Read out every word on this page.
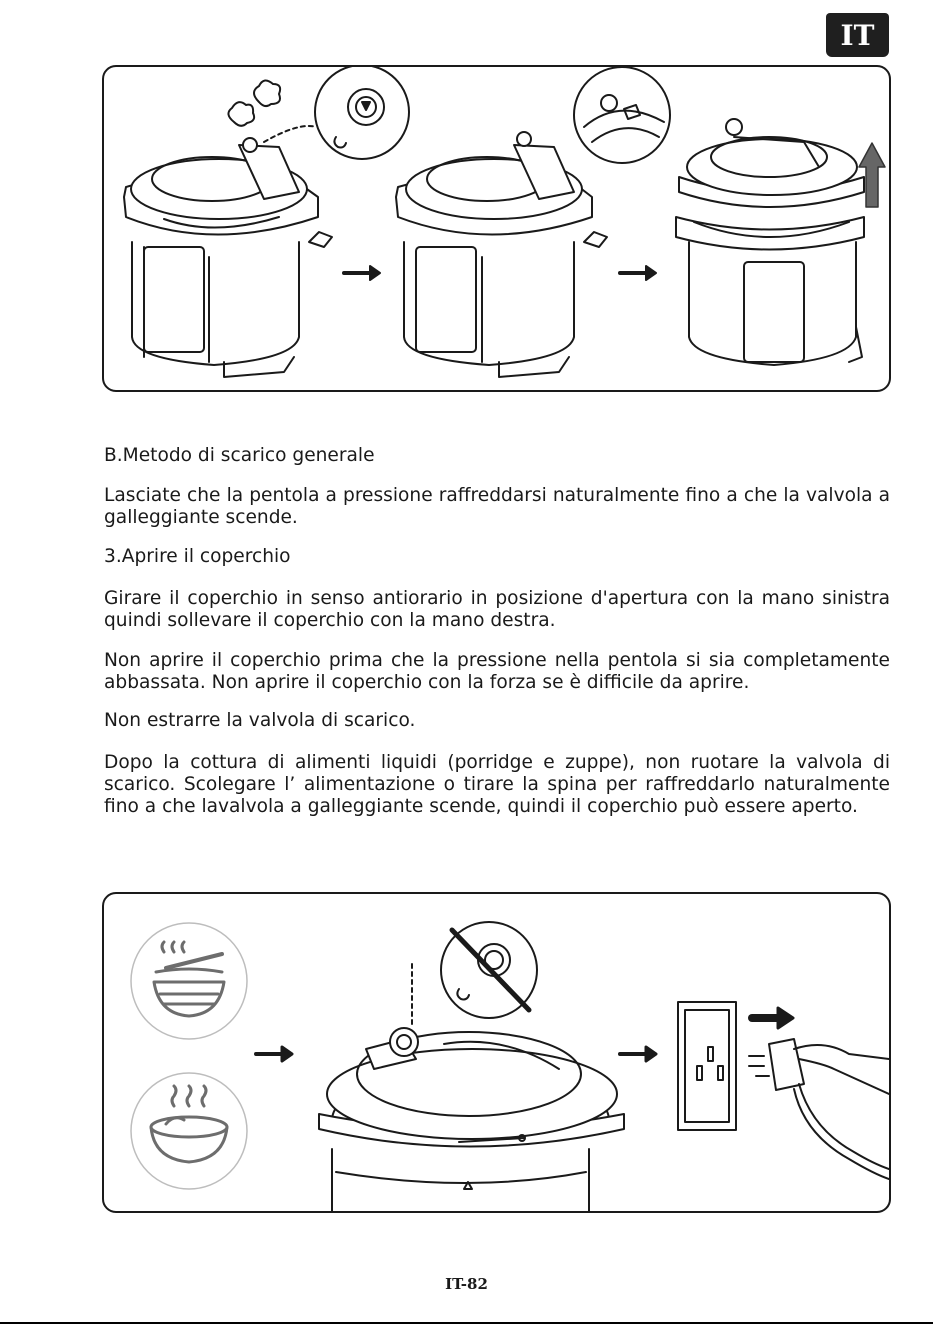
IT
B.Metodo di scarico generale
Lasciate che la pentola a pressione raffreddarsi naturalmente fino a che la valvola a galleggiante scende.
3.Aprire il coperchio
Girare il coperchio in senso antiorario in posizione d'apertura con la mano sinistra quindi sollevare il coperchio con la mano destra.
Non aprire il coperchio prima che la pressione nella pentola si sia completamente abbassata. Non aprire il coperchio con la forza se è difficile da aprire.
Non estrarre la valvola di scarico.
Dopo la cottura di alimenti liquidi (porridge e zuppe), non ruotare la valvola di scarico. Scolegare l’ alimentazione o tirare la spina per raffreddarlo naturalmente fino a che lavalvola a galleggiante scende, quindi il coperchio può essere aperto.
IT-82
